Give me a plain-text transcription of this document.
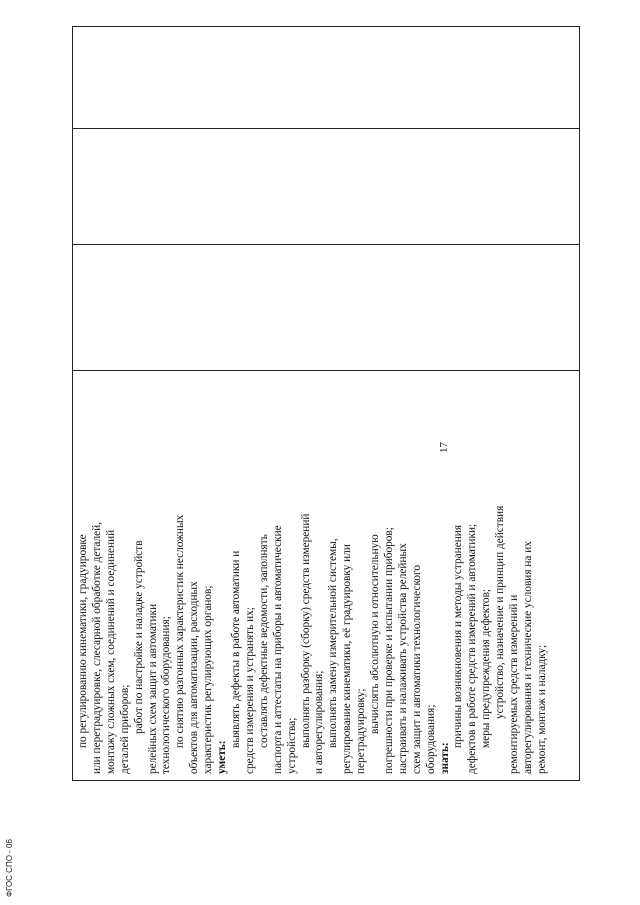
ФГОС СПО - 06
17
по регулированию кинематики, градуировке или перетрадуировке, слесарной обработке деталей, монтажу сложных схем, соединений и соединений деталей приборов; работ по настройке и наладке устройств релейных схем защит и автоматики технологического оборудования; по снятию разгонных характеристик несложных объектов для автоматизации, расходных характеристик регулирующих органов; уметь:
выявлять дефекты в работе автоматики и средств измерения и устранять их; составлять дефектные ведомости, заполнять паспорта и аттестаты на приборы и автоматические устройства; выполнять разборку (сборку) средств измерений и авторегулирования; выполнять замену измерительной системы, регулирование кинематики, её градуировку или перетрадуировку; вычислять абсолютную и относительную погрешности при проверке и испытании приборов; настраивать и налаживать устройства релейных схем защит и автоматики технологического оборудования; знать:
причины возникновения и методы устранения дефектов в работе средств измерений и автоматики; меры предупреждения дефектов; устройство, назначение и принцип действия ремонтируемых средств измерений и авторегулирования и технические условия на их ремонт, монтаж и наладку;
